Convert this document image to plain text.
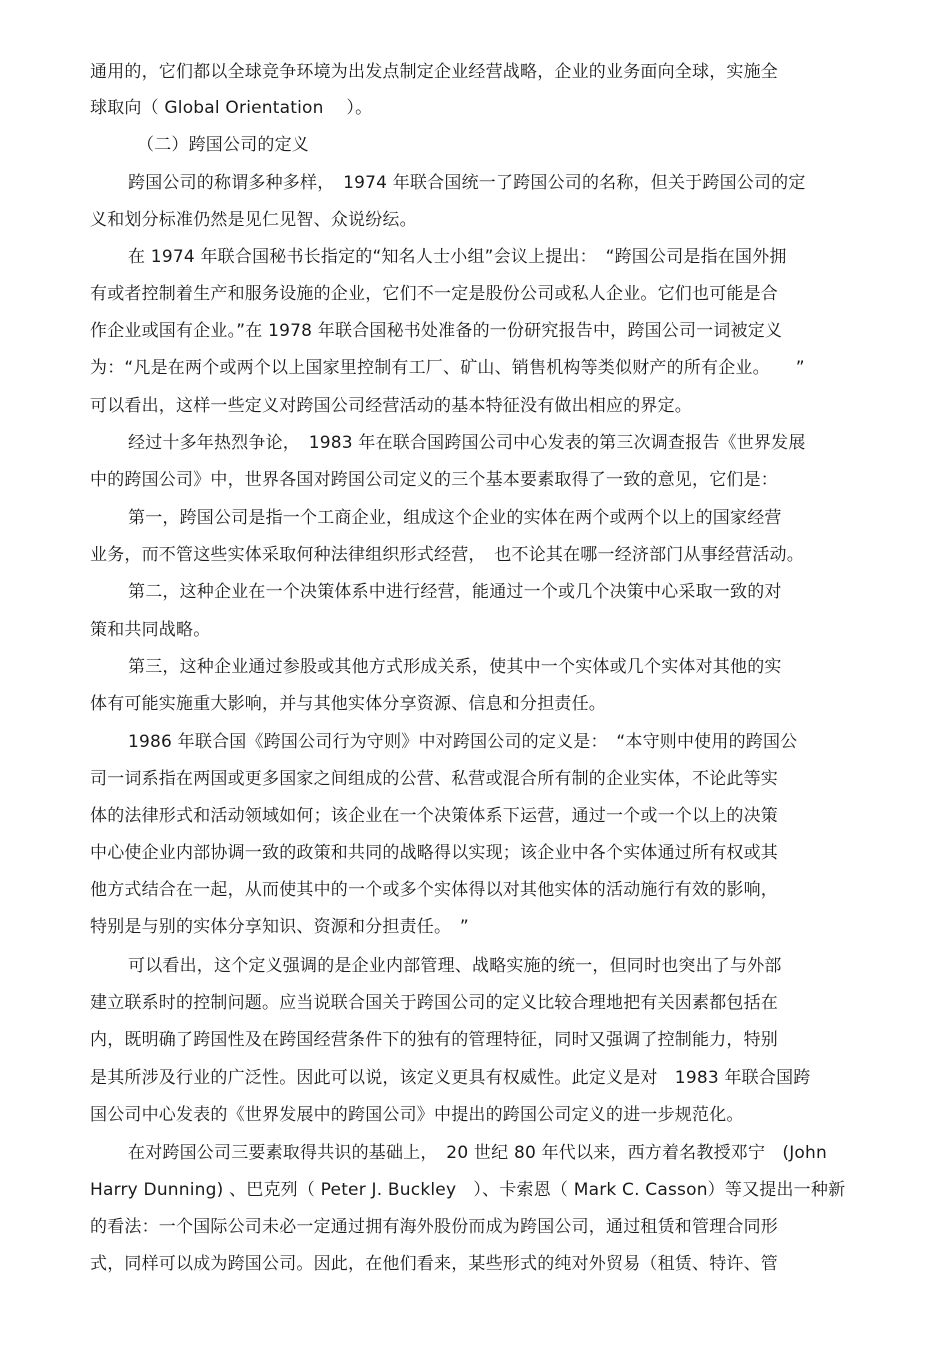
通用的，它们都以全球竞争环境为出发点制定企业经营战略，企业的业务面向全球，实施全
球取向（ Global Orientation　 ）。
（二）跨国公司的定义
跨国公司的称谓多种多样，　1974 年联合国统一了跨国公司的名称，但关于跨国公司的定
义和划分标准仍然是见仁见智、众说纷纭。
在 1974 年联合国秘书长指定的“知名人士小组”会议上提出：　“跨国公司是指在国外拥
有或者控制着生产和服务设施的企业，它们不一定是股份公司或私人企业。它们也可能是合
作企业或国有企业。”在 1978 年联合国秘书处准备的一份研究报告中，跨国公司一词被定义
为：“凡是在两个或两个以上国家里控制有工厂、矿山、销售机构等类似财产的所有企业。　　”
可以看出，这样一些定义对跨国公司经营活动的基本特征没有做出相应的界定。
经过十多年热烈争论，　1983 年在联合国跨国公司中心发表的第三次调查报告《世界发展
中的跨国公司》中，世界各国对跨国公司定义的三个基本要素取得了一致的意见，它们是：
第一，跨国公司是指一个工商企业，组成这个企业的实体在两个或两个以上的国家经营
业务，而不管这些实体采取何种法律组织形式经营，　也不论其在哪一经济部门从事经营活动。
第二，这种企业在一个决策体系中进行经营，能通过一个或几个决策中心采取一致的对
策和共同战略。
第三，这种企业通过参股或其他方式形成关系，使其中一个实体或几个实体对其他的实
体有可能实施重大影响，并与其他实体分享资源、信息和分担责任。
1986 年联合国《跨国公司行为守则》中对跨国公司的定义是：　“本守则中使用的跨国公
司一词系指在两国或更多国家之间组成的公营、私营或混合所有制的企业实体，不论此等实
体的法律形式和活动领域如何；该企业在一个决策体系下运营，通过一个或一个以上的决策
中心使企业内部协调一致的政策和共同的战略得以实现；该企业中各个实体通过所有权或其
他方式结合在一起，从而使其中的一个或多个实体得以对其他实体的活动施行有效的影响，
特别是与别的实体分享知识、资源和分担责任。　”
可以看出，这个定义强调的是企业内部管理、战略实施的统一，但同时也突出了与外部
建立联系时的控制问题。应当说联合国关于跨国公司的定义比较合理地把有关因素都包括在
内，既明确了跨国性及在跨国经营条件下的独有的管理特征，同时又强调了控制能力，特别
是其所涉及行业的广泛性。因此可以说，该定义更具有权威性。此定义是对　1983 年联合国跨
国公司中心发表的《世界发展中的跨国公司》中提出的跨国公司定义的进一步规范化。
在对跨国公司三要素取得共识的基础上，　20 世纪 80 年代以来，西方着名教授邓宁　(John
Harry Dunning) 、巴克列（ Peter J. Buckley　）、卡索恩（ Mark C. Casson）等又提出一种新
的看法：一个国际公司未必一定通过拥有海外股份而成为跨国公司，通过租赁和管理合同形
式，同样可以成为跨国公司。因此，在他们看来，某些形式的纯对外贸易（租赁、特许、管
